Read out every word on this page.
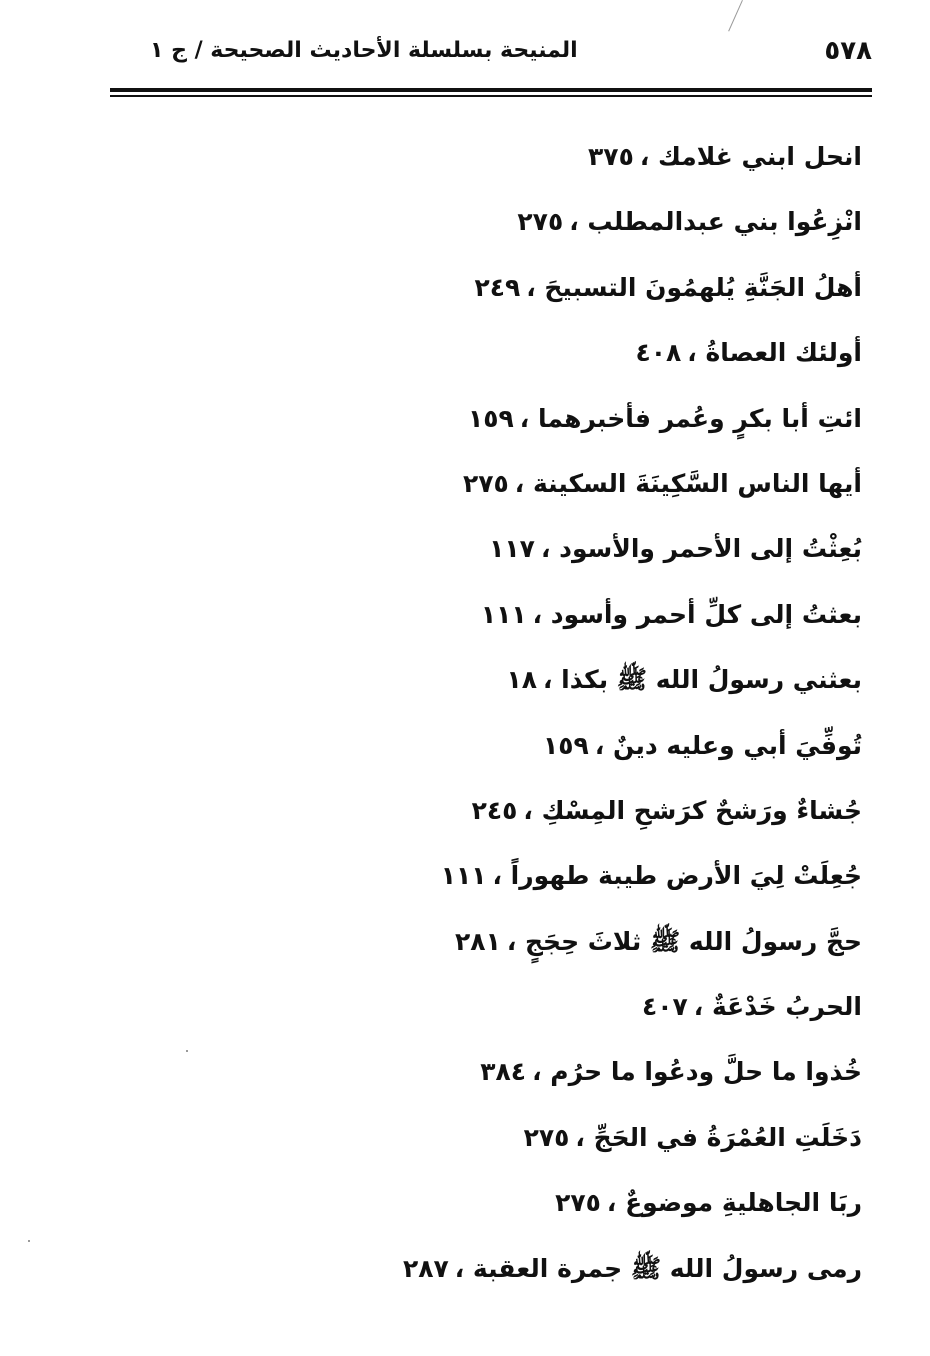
٥٧٨
المنيحة بسلسلة الأحاديث الصحيحة / ج ١
انحل ابني غلامك ،٣٧٥
انْزِعُوا بني عبدالمطلب ،٢٧٥
أهلُ الجَنَّةِ يُلهمُونَ التسبيحَ ،٢٤٩
أولئك العصاةُ ،٤٠٨
ائتِ أبا بكرٍ وعُمر فأخبرهما ،١٥٩
أيها الناس السَّكِينَةَ السكينة ،٢٧٥
بُعِثْتُ إلى الأحمر والأسود ،١١٧
بعثتُ إلى كلِّ أحمر وأسود ،١١١
بعثني رسولُ الله ﷺ بكذا ،١٨
تُوفِّيَ أبي وعليه دينٌ ،١٥٩
جُشاءٌ ورَشحٌ كرَشحِ المِسْكِ ،٢٤٥
جُعِلَتْ لِيَ الأرض طيبة طهوراً ،١١١
حجَّ رسولُ الله ﷺ ثلاثَ حِجَجٍ ،٢٨١
الحربُ خَدْعَةٌ ،٤٠٧
خُذوا ما حلَّ ودعُوا ما حرُم ،٣٨٤
دَخَلَتِ العُمْرَةُ في الحَجِّ ،٢٧٥
ربَا الجاهليةِ موضوعٌ ،٢٧٥
رمى رسولُ الله ﷺ جمرة العقبة ،٢٨٧
